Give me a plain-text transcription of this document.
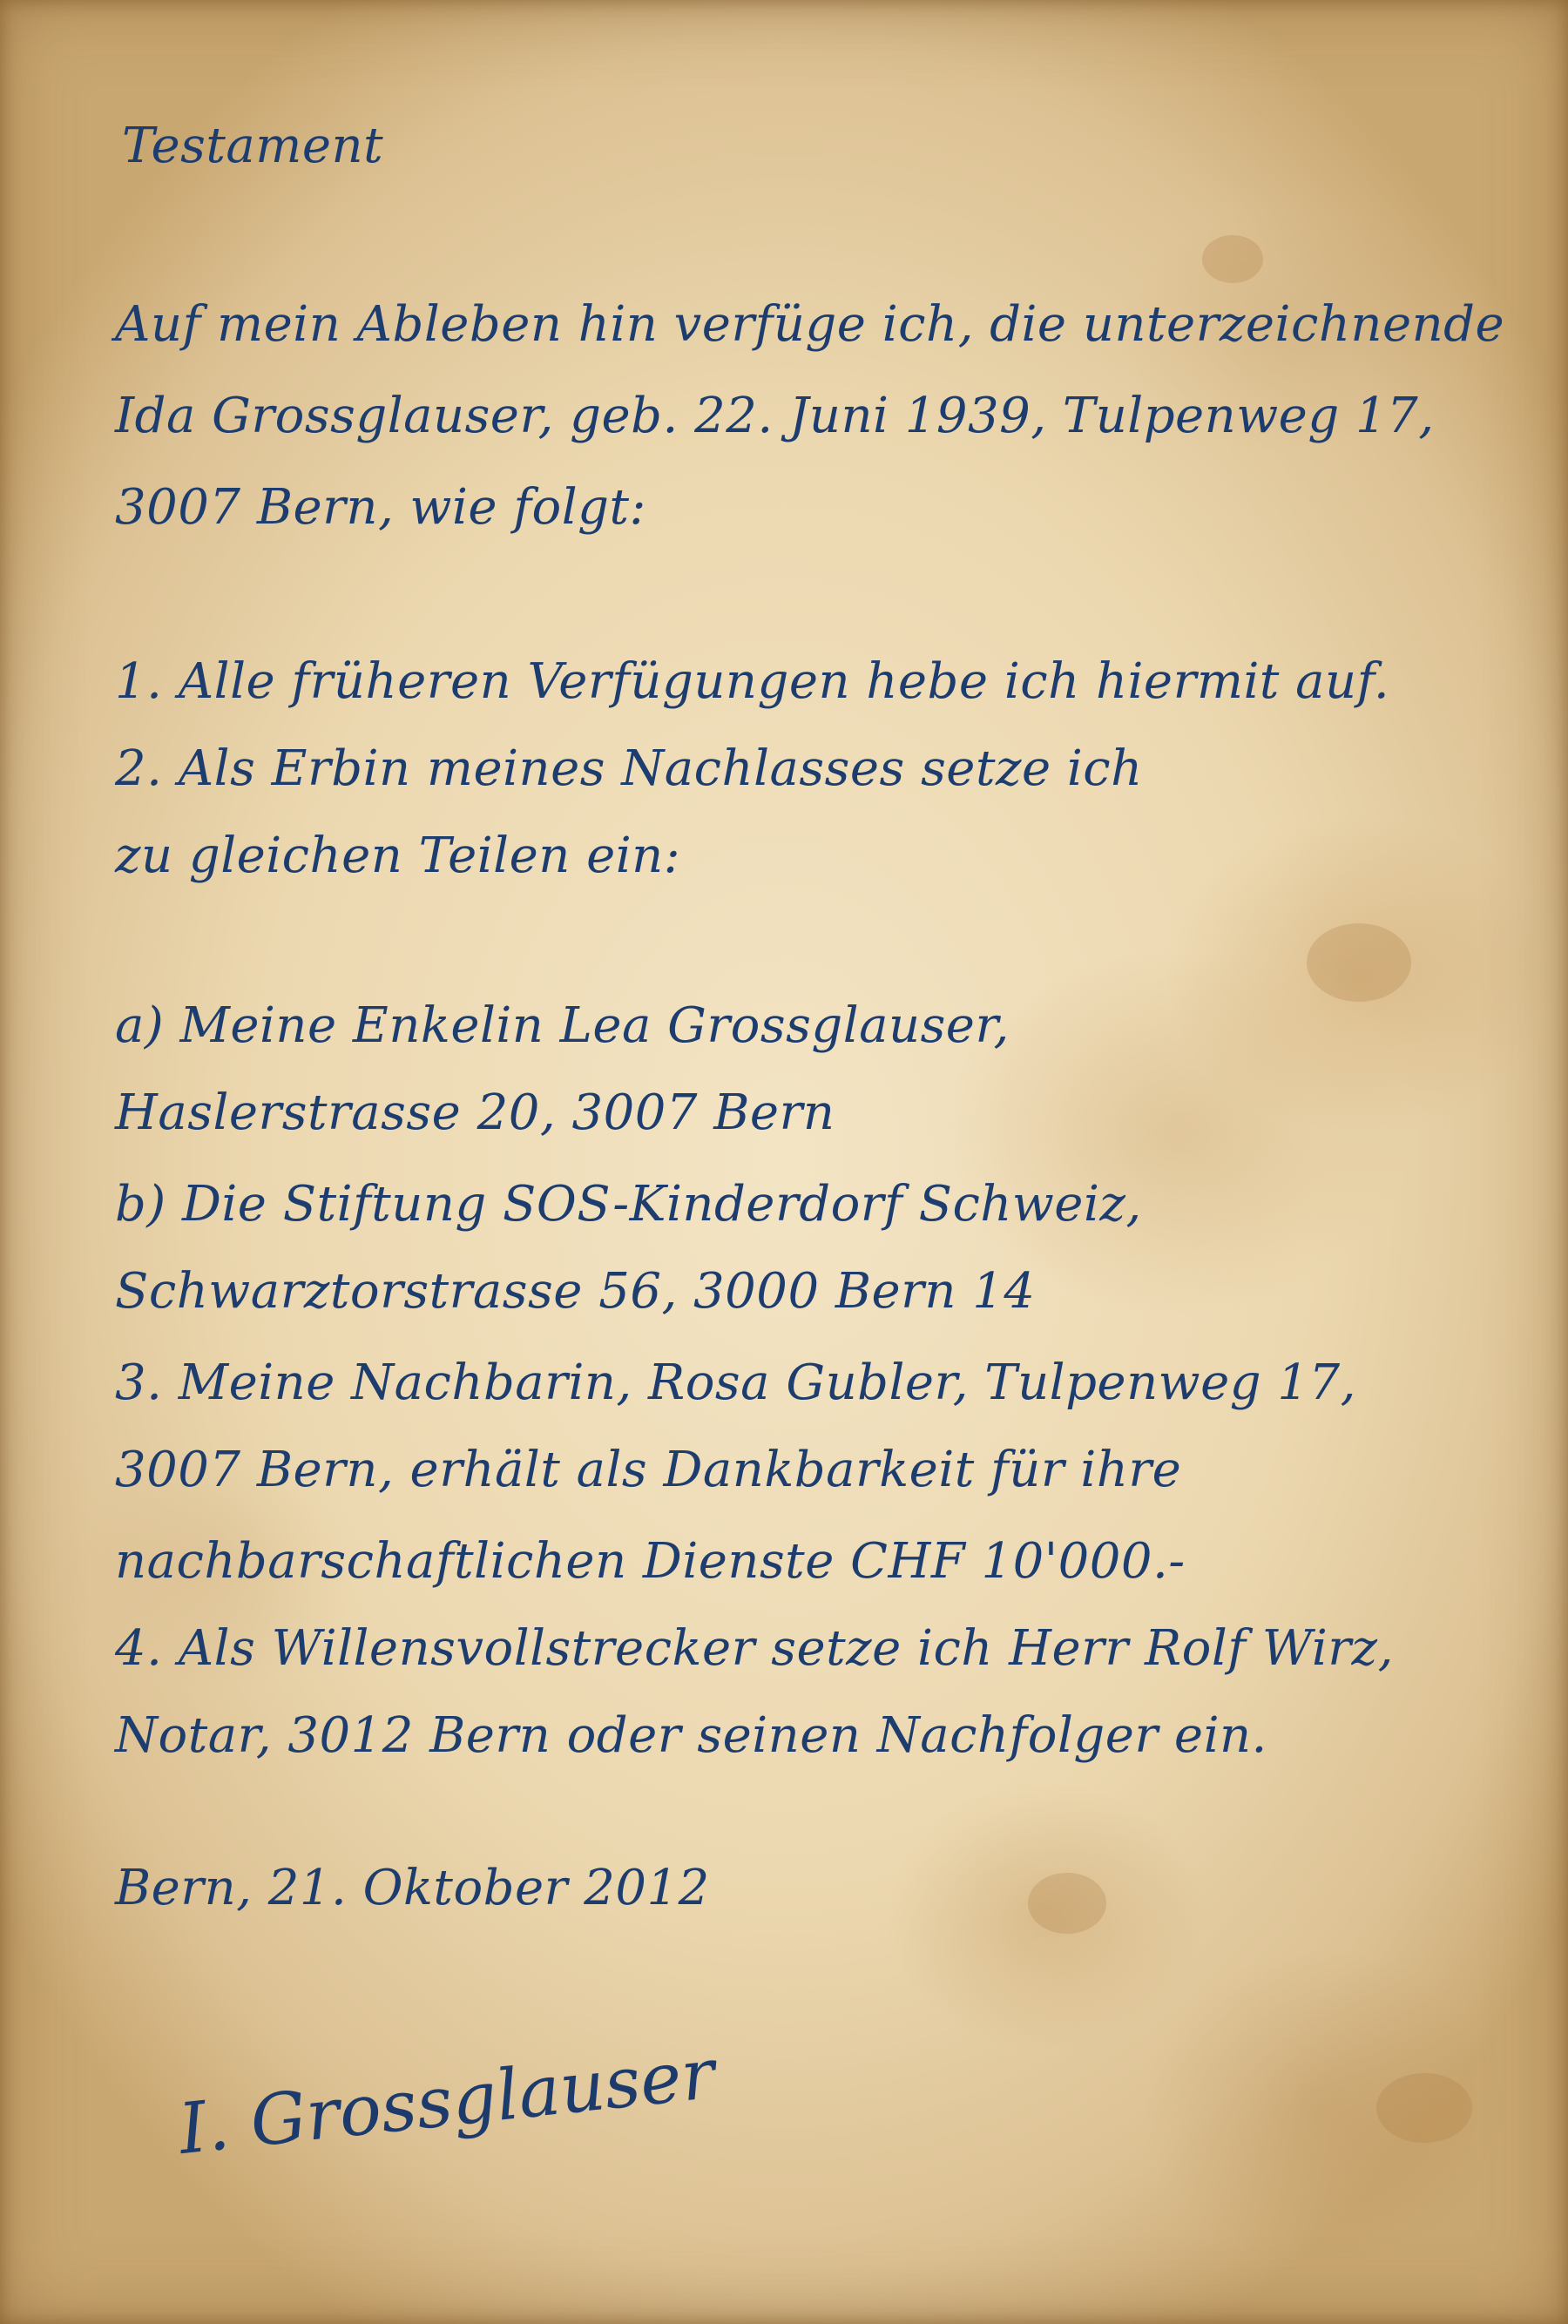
Testament
Auf mein Ableben hin verfüge ich, die unterzeichnende
Ida Grossglauser, geb. 22. Juni 1939, Tulpenweg 17,
3007 Bern, wie folgt:
1. Alle früheren Verfügungen hebe ich hiermit auf.
2. Als Erbin meines Nachlasses setze ich
zu gleichen Teilen ein:
a) Meine Enkelin Lea Grossglauser,
Haslerstrasse 20, 3007 Bern
b) Die Stiftung SOS-Kinderdorf Schweiz,
Schwarztorstrasse 56, 3000 Bern 14
3. Meine Nachbarin, Rosa Gubler, Tulpenweg 17,
3007 Bern, erhält als Dankbarkeit für ihre
nachbarschaftlichen Dienste CHF 10'000.-
4. Als Willensvollstrecker setze ich Herr Rolf Wirz,
Notar, 3012 Bern oder seinen Nachfolger ein.
Bern, 21. Oktober 2012
I. Grossglauser
